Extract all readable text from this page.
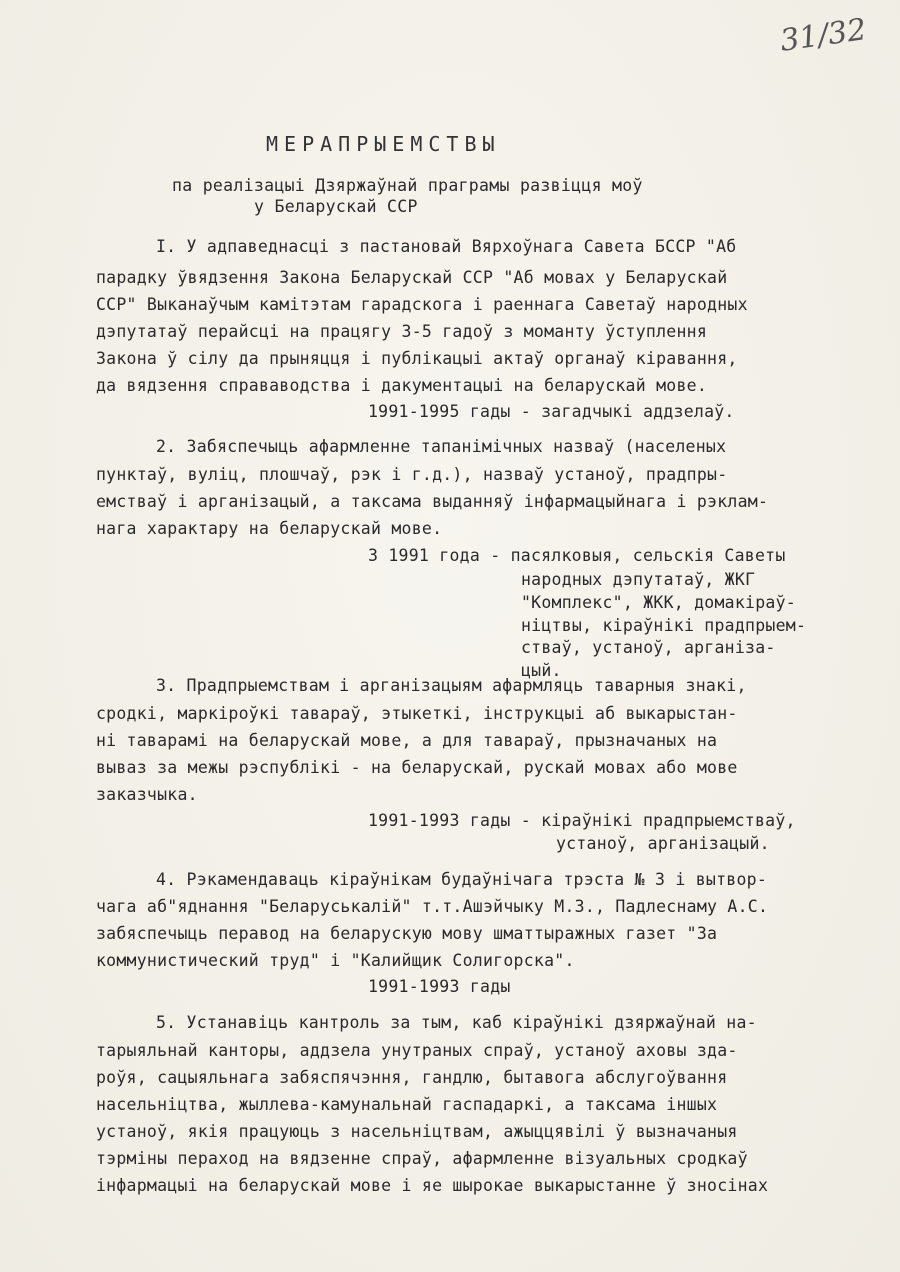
31/32
МЕРАПРЫЕМСТВЫ
па реалізацыі Дзяржаўнай праграмы развіцця моў
у Беларускай ССР
I. У адпаведнасці з пастановай Вярхоўнага Савета БССР "Аб
парадку ўвядзення Закона Беларускай ССР "Аб мовах у Беларускай
ССР" Выканаўчым камітэтам гарадскога і раеннага Саветаў народных
дэпутатаў перайсці на працягу 3-5 гадоў з моманту ўступлення
Закона ў сілу да прыняцця і публікацыі актаў органаў кіравання,
да вядзення справаводства і дакументацыі на беларускай мове.
1991-1995 гады - загадчыкі аддзелаў.
2. Забяспечыць афармленне тапанімічных назваў (населеных
пунктаў, вуліц, плошчаў, рэк і г.д.), назваў устаноў, прадпры-
емстваў і арганізацый, а таксама выданняў інфармацыйнага і рэклам-
нага характару на беларускай мове.
З 1991 года - пасялковыя, сельскія Саветы
народных дэпутатаў, ЖКГ
"Комплекс", ЖКК, домакіраў-
ніцтвы, кіраўнікі прадпрыем-
стваў, устаноў, арганіза-
цый.
3. Прадпрыемствам і арганізацыям афармляць таварныя знакі,
сродкі, маркіроўкі тавараў, этыкеткі, інструкцыі аб выкарыстан-
ні таварамі на беларускай мове, а для тавараў, прызначаных на
вываз за межы рэспублікі - на беларускай, рускай мовах або мове
заказчыка.
1991-1993 гады - кіраўнікі прадпрыемстваў,
устаноў, арганізацый.
4. Рэкамендаваць кіраўнікам будаўнічага трэста № 3 і вытвор-
чага аб"яднання "Беларуськалій" т.т.Ашэйчыку М.З., Падлеснаму А.С.
забяспечыць перавод на беларускую мову шматтыражных газет "За
коммунистический труд" і "Калийщик Солигорска".
1991-1993 гады
5. Устанавіць кантроль за тым, каб кіраўнікі дзяржаўнай на-
тарыяльнай канторы, аддзела унутраных спраў, устаноў аховы зда-
роўя, сацыяльнага забяспячэння, гандлю, бытавога абслугоўвання
насельніцтва, жыллева-камунальнай гаспадаркі, а таксама іншых
устаноў, якія працуюць з насельніцтвам, ажыццявілі ў вызначаныя
тэрміны пераход на вядзенне спраў, афармленне візуальных сродкаў
інфармацыі на беларускай мове і яе шырокае выкарыстанне ў зносінах
